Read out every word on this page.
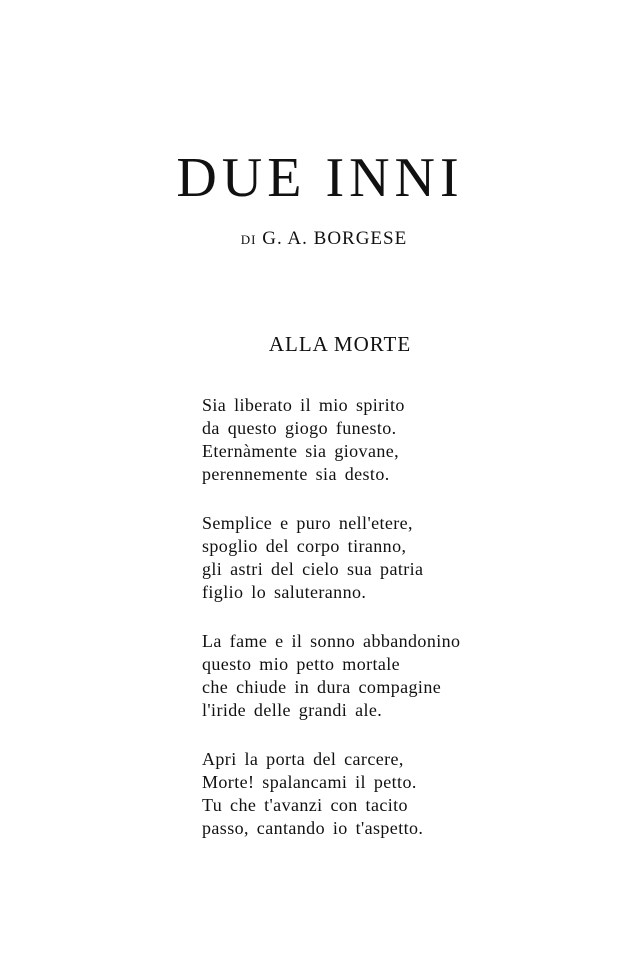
DUE INNI
DI G. A. BORGESE
ALLA MORTE
Sia liberato il mio spirito
da questo giogo funesto.
Eternàmente sia giovane,
perennemente sia desto.
Semplice e puro nell'etere,
spoglio del corpo tiranno,
gli astri del cielo sua patria
figlio lo saluteranno.
La fame e il sonno abbandonino
questo mio petto mortale
che chiude in dura compagine
l'iride delle grandi ale.
Apri la porta del carcere,
Morte! spalancami il petto.
Tu che t'avanzi con tacito
passo, cantando io t'aspetto.
